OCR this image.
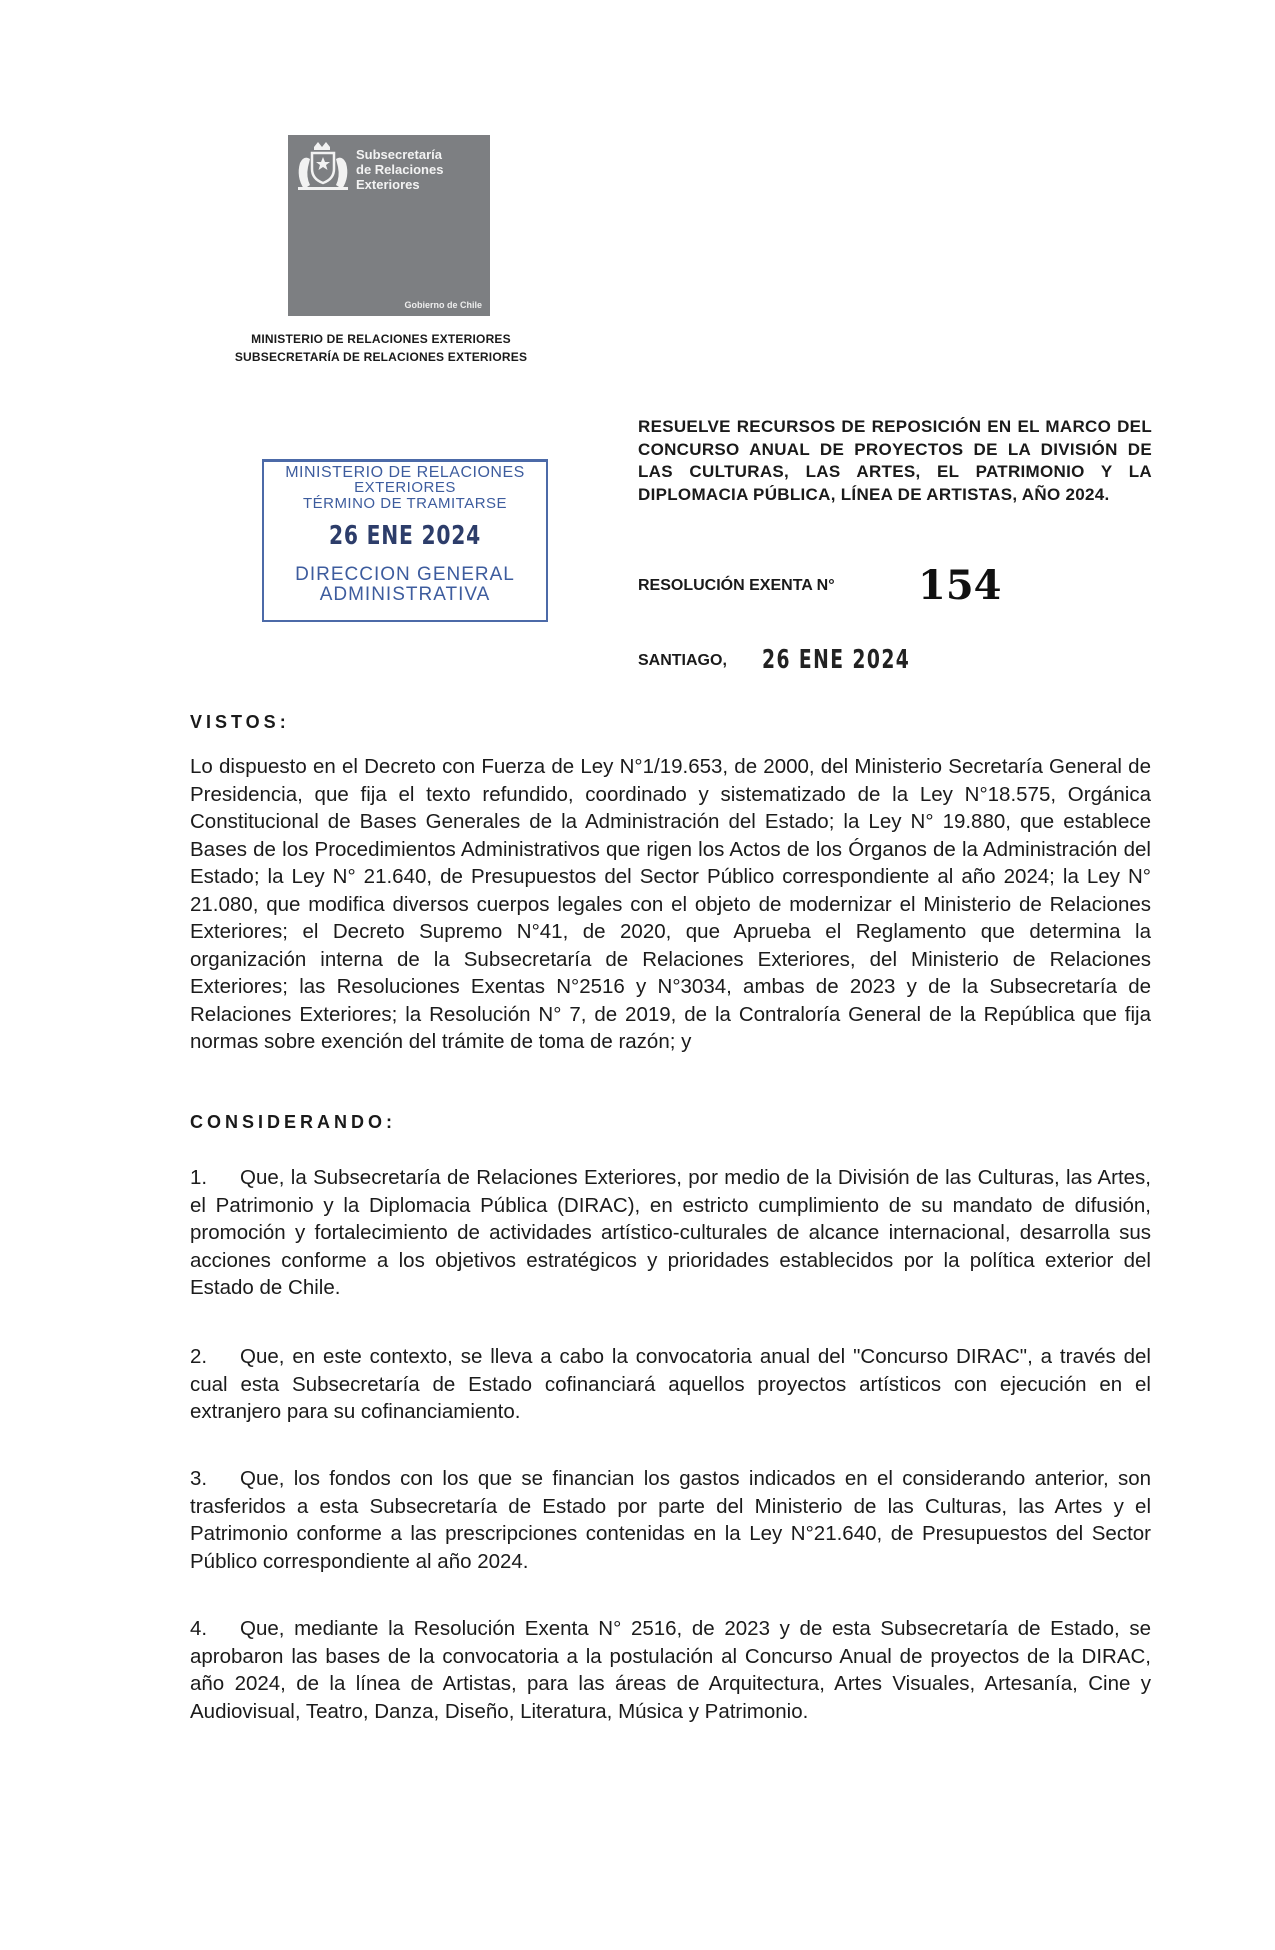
Subsecretaría
de Relaciones
Exteriores
Gobierno de Chile
MINISTERIO DE RELACIONES EXTERIORES
SUBSECRETARÍA DE RELACIONES EXTERIORES
MINISTERIO DE RELACIONES
EXTERIORES
TÉRMINO DE TRAMITARSE
26 ENE 2024
DIRECCION GENERAL
ADMINISTRATIVA
RESUELVE RECURSOS DE REPOSICIÓN EN EL MARCO DEL CONCURSO ANUAL DE PROYECTOS DE LA DIVISIÓN DE LAS CULTURAS, LAS ARTES, EL PATRIMONIO Y LA DIPLOMACIA PÚBLICA, LÍNEA DE ARTISTAS, AÑO 2024.
RESOLUCIÓN EXENTA N° 154
SANTIAGO, 26 ENE 2024
VISTOS:
Lo dispuesto en el Decreto con Fuerza de Ley N°1/19.653, de 2000, del Ministerio Secretaría General de Presidencia, que fija el texto refundido, coordinado y sistematizado de la Ley N°18.575, Orgánica Constitucional de Bases Generales de la Administración del Estado; la Ley N° 19.880, que establece Bases de los Procedimientos Administrativos que rigen los Actos de los Órganos de la Administración del Estado; la Ley N° 21.640, de Presupuestos del Sector Público correspondiente al año 2024; la Ley N° 21.080, que modifica diversos cuerpos legales con el objeto de modernizar el Ministerio de Relaciones Exteriores; el Decreto Supremo N°41, de 2020, que Aprueba el Reglamento que determina la organización interna de la Subsecretaría de Relaciones Exteriores, del Ministerio de Relaciones Exteriores; las Resoluciones Exentas N°2516 y N°3034, ambas de 2023 y de la Subsecretaría de Relaciones Exteriores; la Resolución N° 7, de 2019, de la Contraloría General de la República que fija normas sobre exención del trámite de toma de razón; y
CONSIDERANDO:
1. Que, la Subsecretaría de Relaciones Exteriores, por medio de la División de las Culturas, las Artes, el Patrimonio y la Diplomacia Pública (DIRAC), en estricto cumplimiento de su mandato de difusión, promoción y fortalecimiento de actividades artístico-culturales de alcance internacional, desarrolla sus acciones conforme a los objetivos estratégicos y prioridades establecidos por la política exterior del Estado de Chile.
2. Que, en este contexto, se lleva a cabo la convocatoria anual del "Concurso DIRAC", a través del cual esta Subsecretaría de Estado cofinanciará aquellos proyectos artísticos con ejecución en el extranjero para su cofinanciamiento.
3. Que, los fondos con los que se financian los gastos indicados en el considerando anterior, son trasferidos a esta Subsecretaría de Estado por parte del Ministerio de las Culturas, las Artes y el Patrimonio conforme a las prescripciones contenidas en la Ley N°21.640, de Presupuestos del Sector Público correspondiente al año 2024.
4. Que, mediante la Resolución Exenta N° 2516, de 2023 y de esta Subsecretaría de Estado, se aprobaron las bases de la convocatoria a la postulación al Concurso Anual de proyectos de la DIRAC, año 2024, de la línea de Artistas, para las áreas de Arquitectura, Artes Visuales, Artesanía, Cine y Audiovisual, Teatro, Danza, Diseño, Literatura, Música y Patrimonio.
